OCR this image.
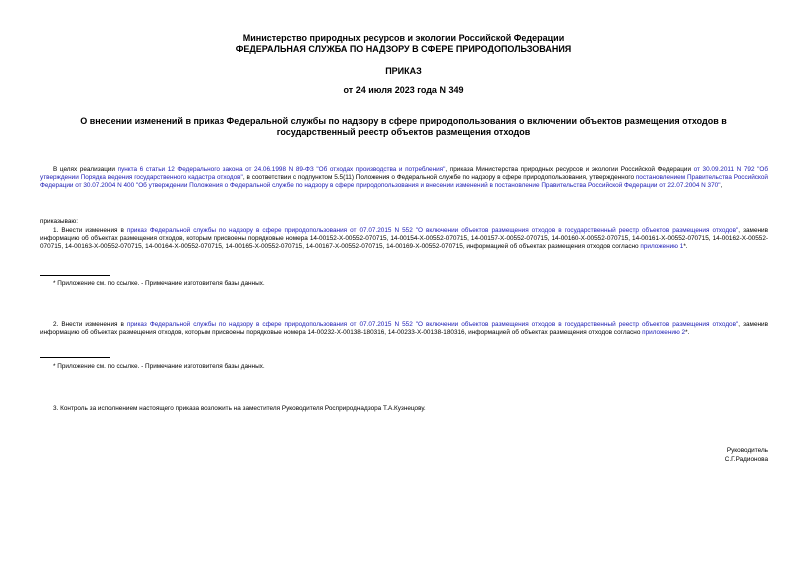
Министерство природных ресурсов и экологии Российской Федерации
ФЕДЕРАЛЬНАЯ СЛУЖБА ПО НАДЗОРУ В СФЕРЕ ПРИРОДОПОЛЬЗОВАНИЯ
ПРИКАЗ
от 24 июля 2023 года N 349
О внесении изменений в приказ Федеральной службы по надзору в сфере природопользования о включении объектов размещения отходов в государственный реестр объектов размещения отходов
В целях реализации пункта 6 статьи 12 Федерального закона от 24.06.1998 N 89-ФЗ "Об отходах производства и потребления", приказа Министерства природных ресурсов и экологии Российской Федерации от 30.09.2011 N 792 "Об утверждении Порядка ведения государственного кадастра отходов", в соответствии с подпунктом 5.5(11) Положения о Федеральной службе по надзору в сфере природопользования, утвержденного постановлением Правительства Российской Федерации от 30.07.2004 N 400 "Об утверждении Положения о Федеральной службе по надзору в сфере природопользования и внесении изменений в постановление Правительства Российской Федерации от 22.07.2004 N 370",
приказываю:
1. Внести изменения в приказ Федеральной службы по надзору в сфере природопользования от 07.07.2015 N 552 "О включении объектов размещения отходов в государственный реестр объектов размещения отходов", заменив информацию об объектах размещения отходов, которым присвоены порядковые номера 14-00152-Х-00552-070715, 14-00154-Х-00552-070715, 14-00157-Х-00552-070715, 14-00160-Х-00552-070715, 14-00161-Х-00552-070715, 14-00162-Х-00552-070715, 14-00163-Х-00552-070715, 14-00164-Х-00552-070715, 14-00165-Х-00552-070715, 14-00167-Х-00552-070715, 14-00169-Х-00552-070715, информацией об объектах размещения отходов согласно приложению 1*.
* Приложение см. по ссылке. - Примечание изготовителя базы данных.
2. Внести изменения в приказ Федеральной службы по надзору в сфере природопользования от 07.07.2015 N 552 "О включении объектов размещения отходов в государственный реестр объектов размещения отходов", заменив информацию об объектах размещения отходов, которым присвоены порядковые номера 14-00232-Х-00138-180316, 14-00233-Х-00138-180316, информацией об объектах размещения отходов согласно приложению 2*.
* Приложение см. по ссылке. - Примечание изготовителя базы данных.
3. Контроль за исполнением настоящего приказа возложить на заместителя Руководителя Росприроднадзора Т.А.Кузнецову.
Руководитель
С.Г.Радионова
